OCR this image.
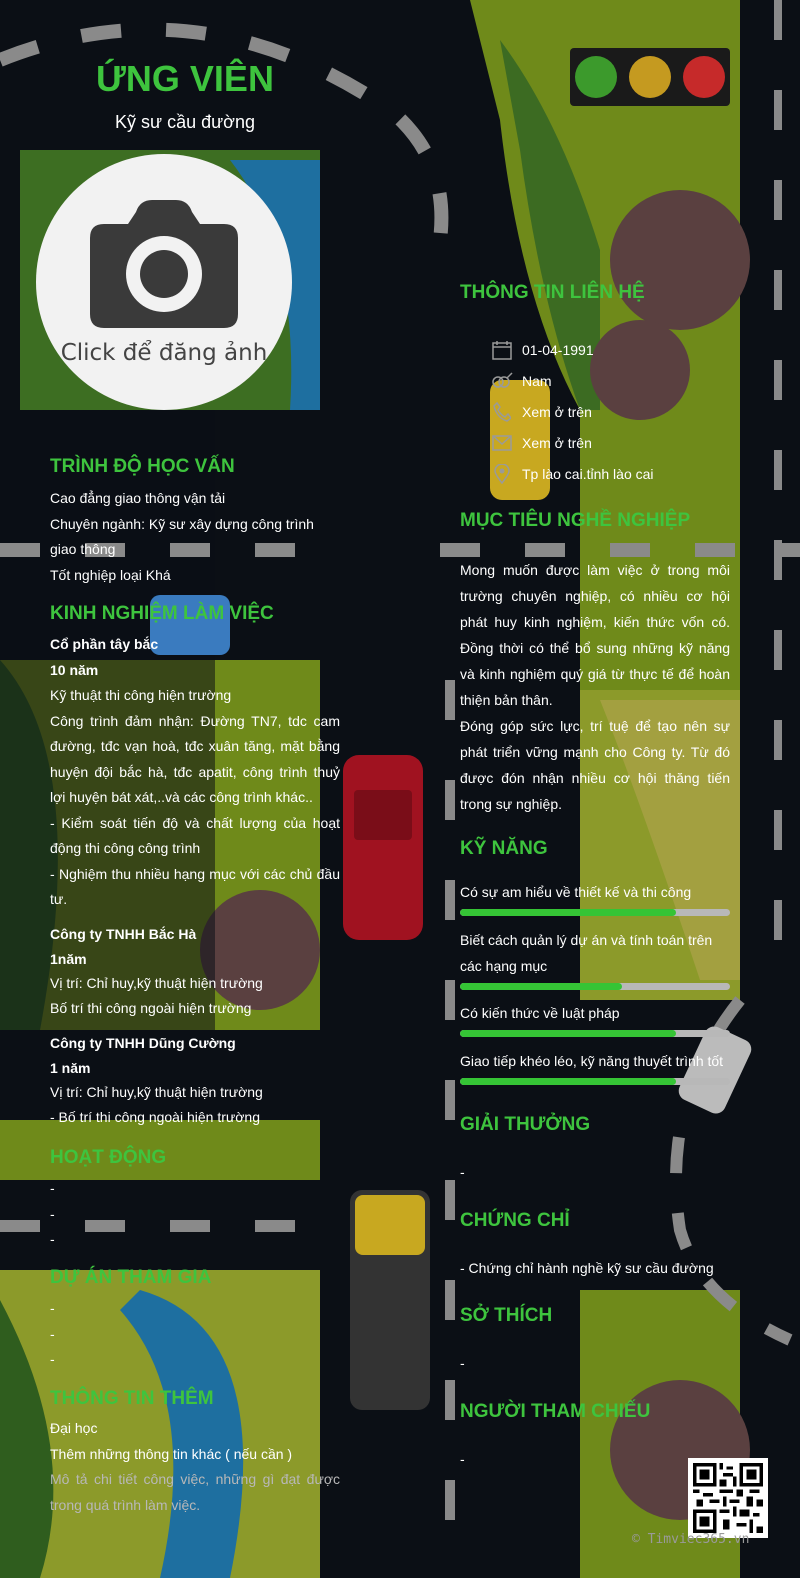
ỨNG VIÊN
Kỹ sư cầu đường
Click để đăng ảnh
TRÌNH ĐỘ HỌC VẤN
Cao đẳng giao thông vận tải
Chuyên ngành: Kỹ sư xây dựng công trình giao thông
Tốt nghiệp loại Khá
KINH NGHIỆM LÀM VIỆC
Cổ phần tây bắc
10 năm
Kỹ thuật thi công hiện trường
Công trình đảm nhận: Đường TN7, tdc cam đường, tđc vạn hoà, tđc xuân tăng, mặt bằng huyện đội bắc hà, tđc apatit, công trình thuỷ lợi huyện bát xát,..và các công trình khác..
- Kiểm soát tiến độ và chất lượng của hoạt động thi công công trình
- Nghiệm thu nhiều hạng mục với các chủ đầu tư.
Công ty TNHH Bắc Hà
1năm
Vị trí: Chỉ huy,kỹ thuật hiện trường
Bố trí thi công ngoài hiện trường
Công ty TNHH Dũng Cường
1 năm
Vị trí: Chỉ huy,kỹ thuật hiện trường
- Bố trí thi công ngoài hiện trường
HOẠT ĐỘNG
-
-
-
DỰ ÁN THAM GIA
-
-
-
THÔNG TIN THÊM
Đại học
Thêm những thông tin khác ( nếu cần )
Mô tả chi tiết công việc, những gì đạt được trong quá trình làm việc.
THÔNG TIN LIÊN HỆ
01-04-1991
Nam
Xem ở trên
Xem ở trên
Tp lào cai.tỉnh lào cai
MỤC TIÊU NGHỀ NGHIỆP
Mong muốn được làm việc ở trong môi trường chuyên nghiệp, có nhiều cơ hội phát huy kinh nghiệm, kiến thức vốn có. Đồng thời có thể bổ sung những kỹ năng và kinh nghiệm quý giá từ thực tế để hoàn thiện bản thân.
Đóng góp sức lực, trí tuệ để tạo nên sự phát triển vững mạnh cho Công ty. Từ đó được đón nhận nhiều cơ hội thăng tiến trong sự nghiệp.
KỸ NĂNG
Có sự am hiểu về thiết kế và thi công
Biết cách quản lý dự án và tính toán trên các hạng mục
Có kiến thức về luật pháp
Giao tiếp khéo léo, kỹ năng thuyết trình tốt
GIẢI THƯỞNG
-
CHỨNG CHỈ
- Chứng chỉ hành nghề kỹ sư cầu đường
SỞ THÍCH
-
NGƯỜI THAM CHIẾU
-
© Timviec365.vn
